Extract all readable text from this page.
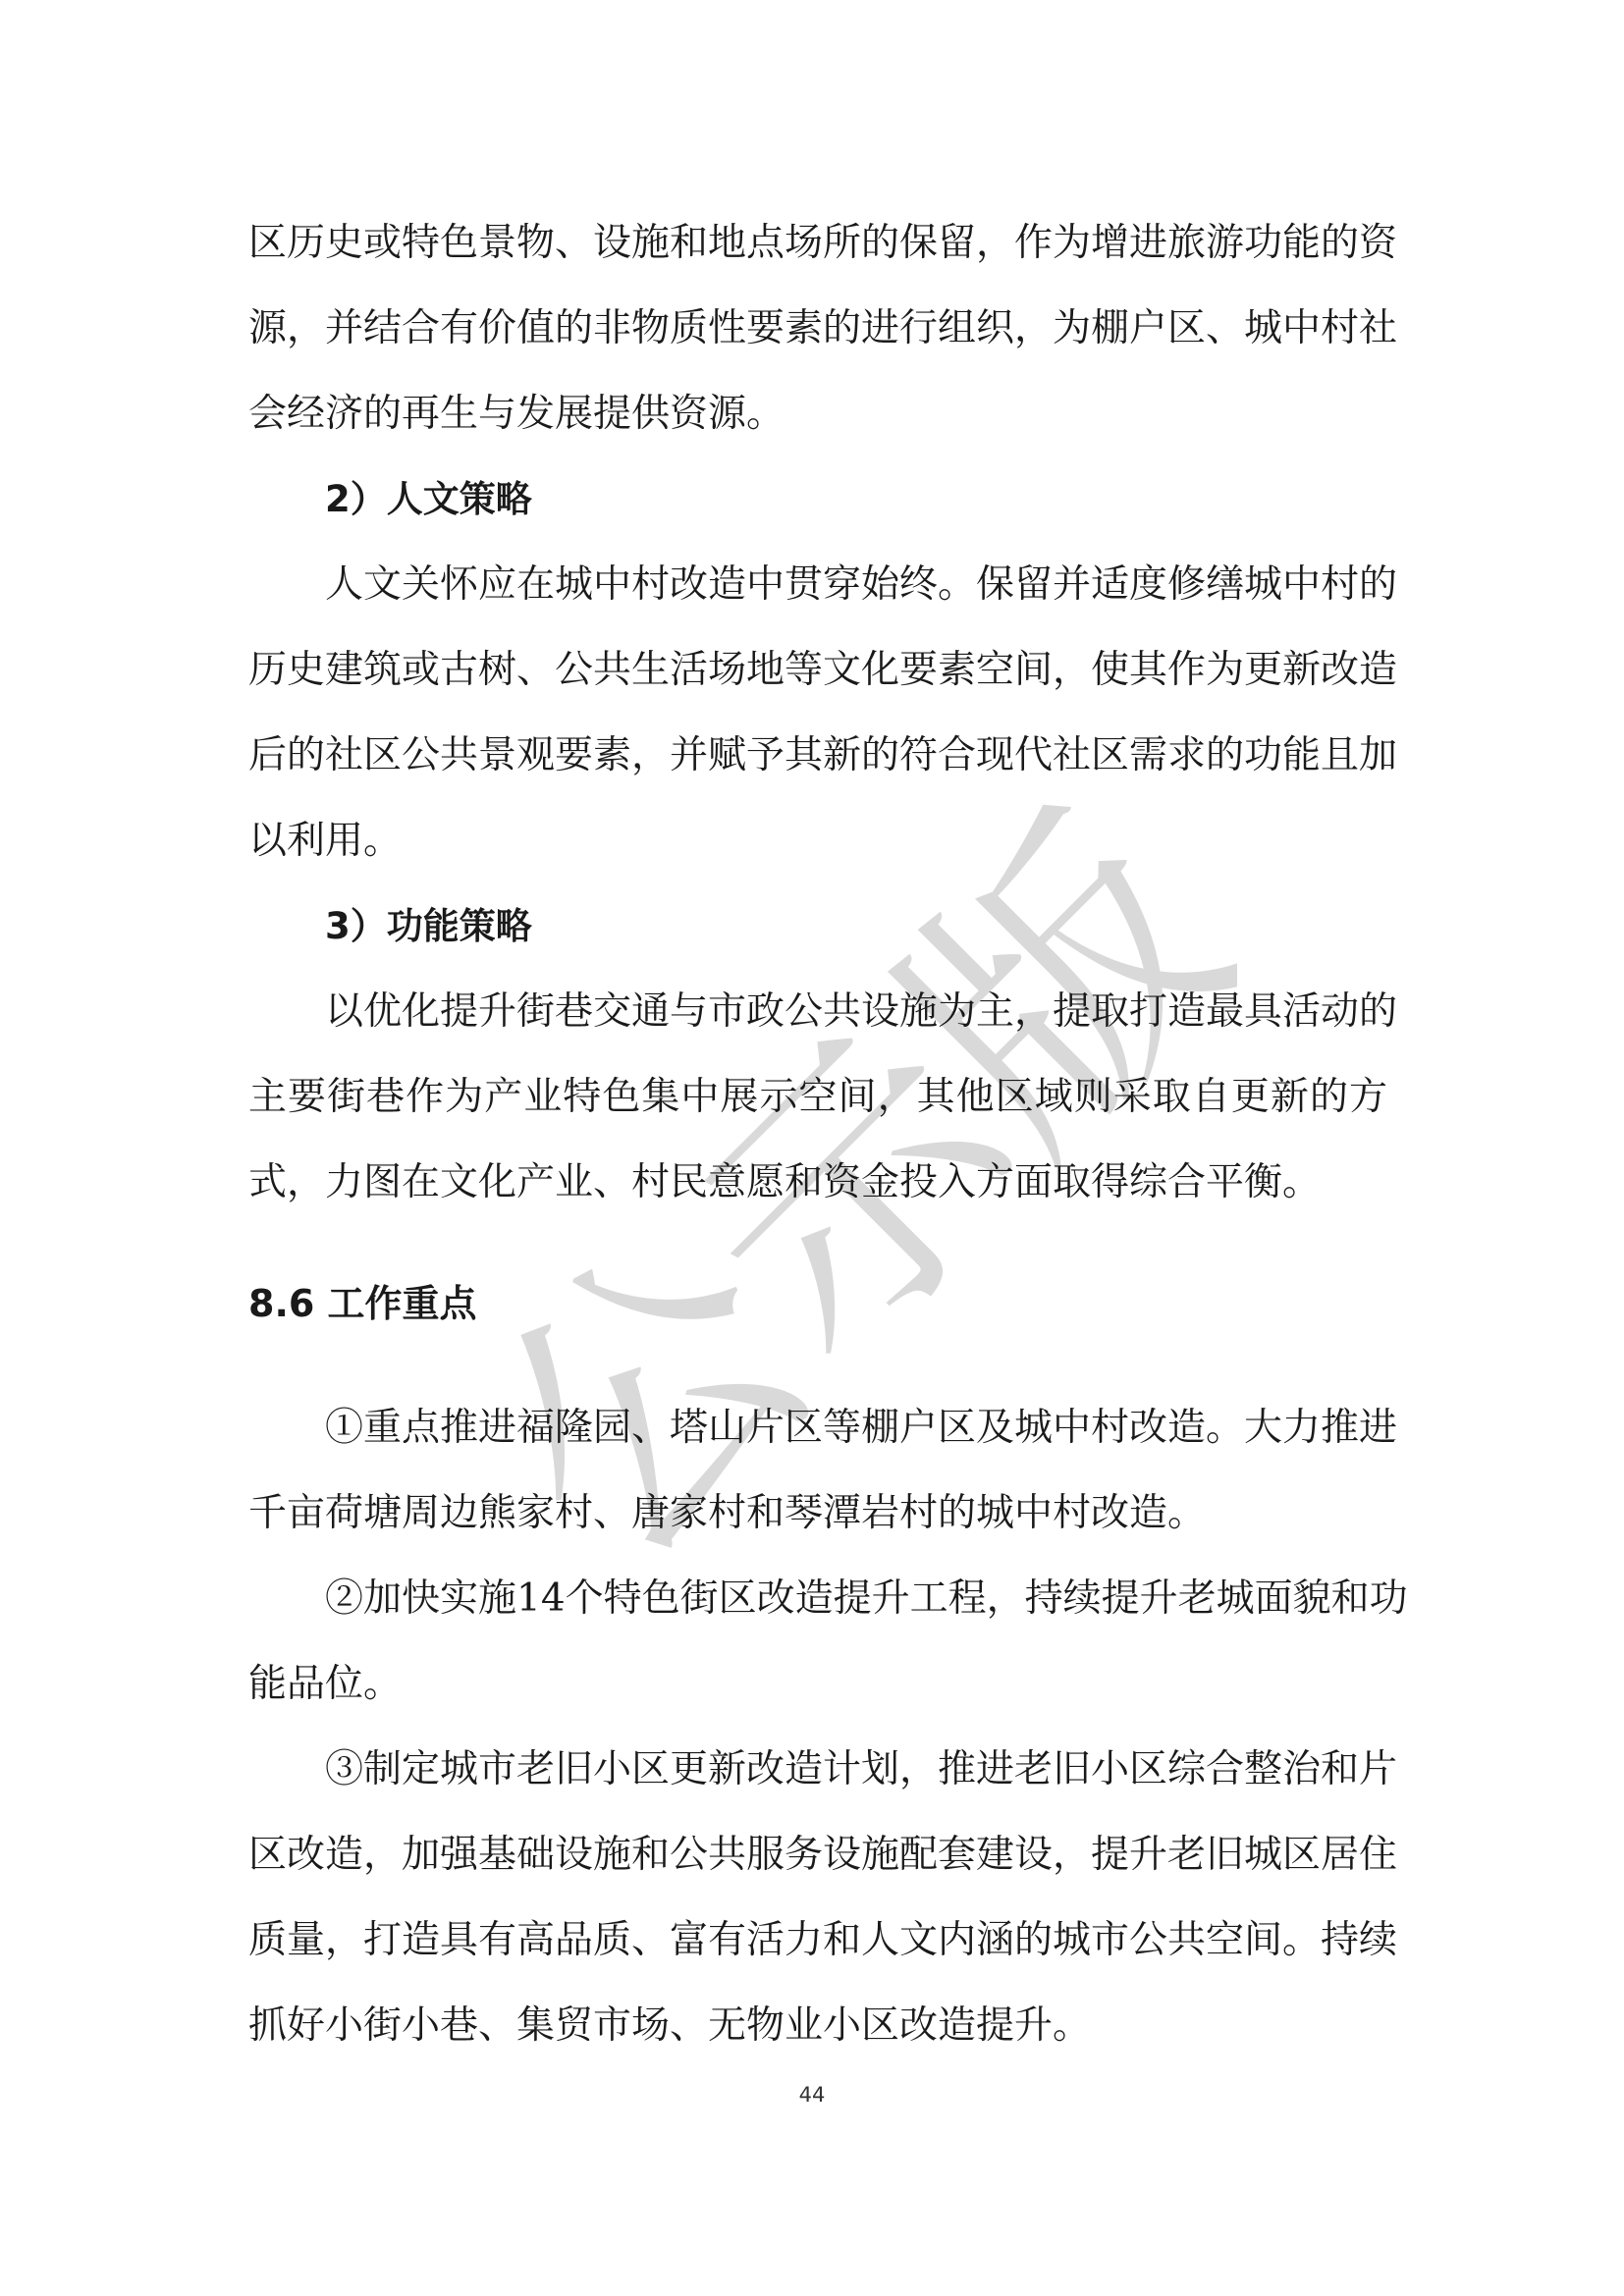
公示版
区历史或特色景物、设施和地点场所的保留，作为增进旅游功能的资
源，并结合有价值的非物质性要素的进行组织，为棚户区、城中村社
会经济的再生与发展提供资源。
2）人文策略
人文关怀应在城中村改造中贯穿始终。保留并适度修缮城中村的
历史建筑或古树、公共生活场地等文化要素空间，使其作为更新改造
后的社区公共景观要素，并赋予其新的符合现代社区需求的功能且加
以利用。
3）功能策略
以优化提升街巷交通与市政公共设施为主，提取打造最具活动的
主要街巷作为产业特色集中展示空间，其他区域则采取自更新的方
式，力图在文化产业、村民意愿和资金投入方面取得综合平衡。
8.6 工作重点
①重点推进福隆园、塔山片区等棚户区及城中村改造。大力推进
千亩荷塘周边熊家村、唐家村和琴潭岩村的城中村改造。
②加快实施14个特色街区改造提升工程，持续提升老城面貌和功
能品位。
③制定城市老旧小区更新改造计划，推进老旧小区综合整治和片
区改造，加强基础设施和公共服务设施配套建设，提升老旧城区居住
质量，打造具有高品质、富有活力和人文内涵的城市公共空间。持续
抓好小街小巷、集贸市场、无物业小区改造提升。
44
